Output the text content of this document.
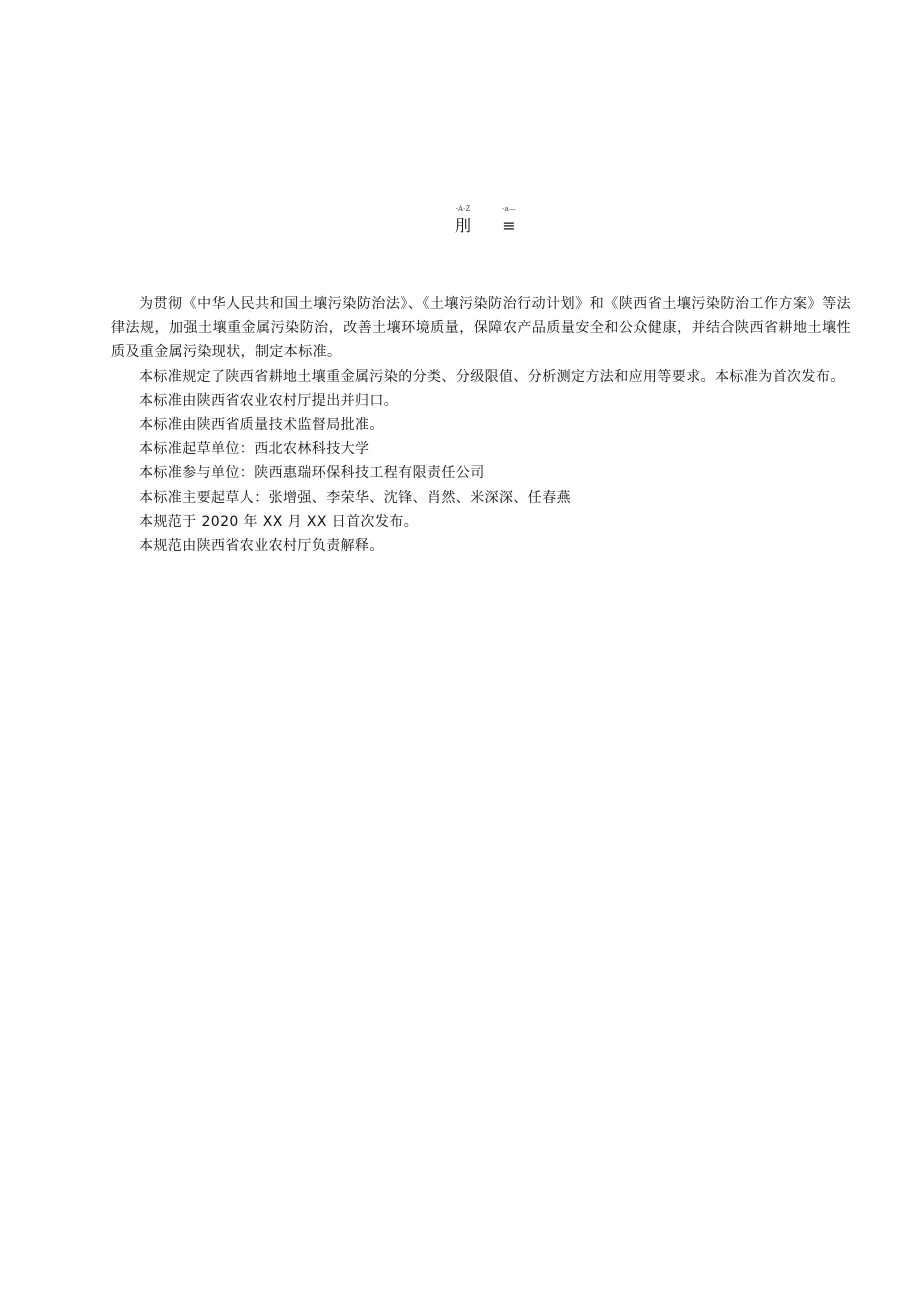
-A-Z
刖
-a—
≡

为贯彻《中华人民共和国土壤污染防治法》、《土壤污染防治行动计划》和《陕西省土壤污染防治工作方案》等法律法规，加强土壤重金属污染防治，改善土壤环境质量，保障农产品质量安全和公众健康，并结合陕西省耕地土壤性质及重金属污染现状，制定本标准。

本标准规定了陕西省耕地土壤重金属污染的分类、分级限值、分析测定方法和应用等要求。本标准为首次发布。

本标准由陕西省农业农村厅提出并归口。

本标准由陕西省质量技术监督局批准。

本标准起草单位：西北农林科技大学

本标准参与单位：陕西惠瑞环保科技工程有限责任公司

本标准主要起草人：张增强、李荣华、沈锋、肖然、米深深、任春燕

本规范于 2020 年 XX 月 XX 日首次发布。

本规范由陕西省农业农村厅负责解释。
